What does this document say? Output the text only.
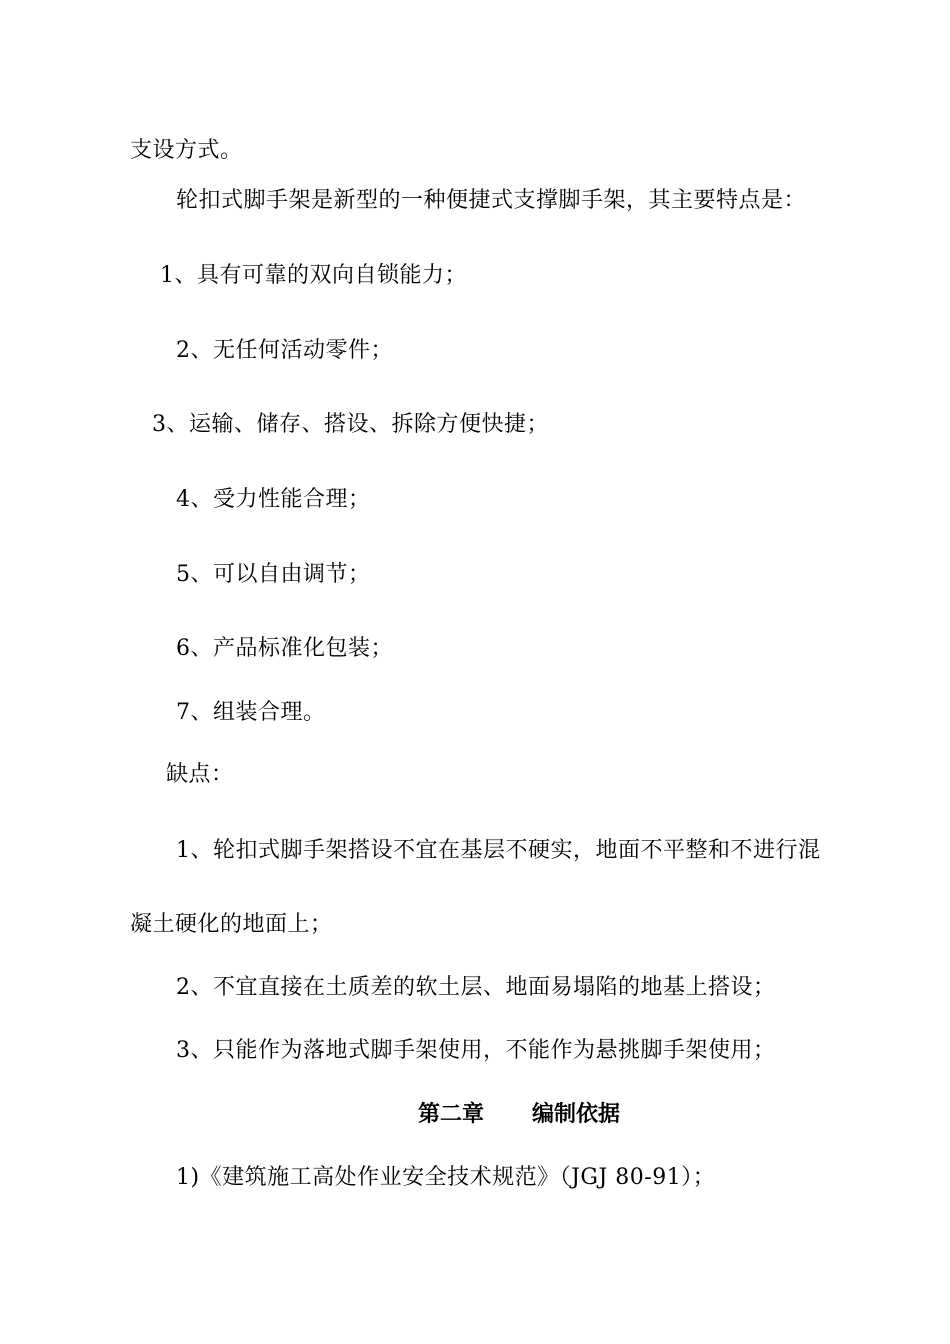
支设方式。
轮扣式脚手架是新型的一种便捷式支撑脚手架，其主要特点是：
1、具有可靠的双向自锁能力；
2、无任何活动零件；
3、运输、储存、搭设、拆除方便快捷；
4、受力性能合理；
5、可以自由调节；
6、产品标准化包装；
7、组装合理。
缺点：
1、轮扣式脚手架搭设不宜在基层不硬实，地面不平整和不进行混
凝土硬化的地面上；
2、不宜直接在土质差的软土层、地面易塌陷的地基上搭设；
3、只能作为落地式脚手架使用，不能作为悬挑脚手架使用；
第二章 编制依据
1)《建筑施工高处作业安全技术规范》（JGJ 80-91）；
